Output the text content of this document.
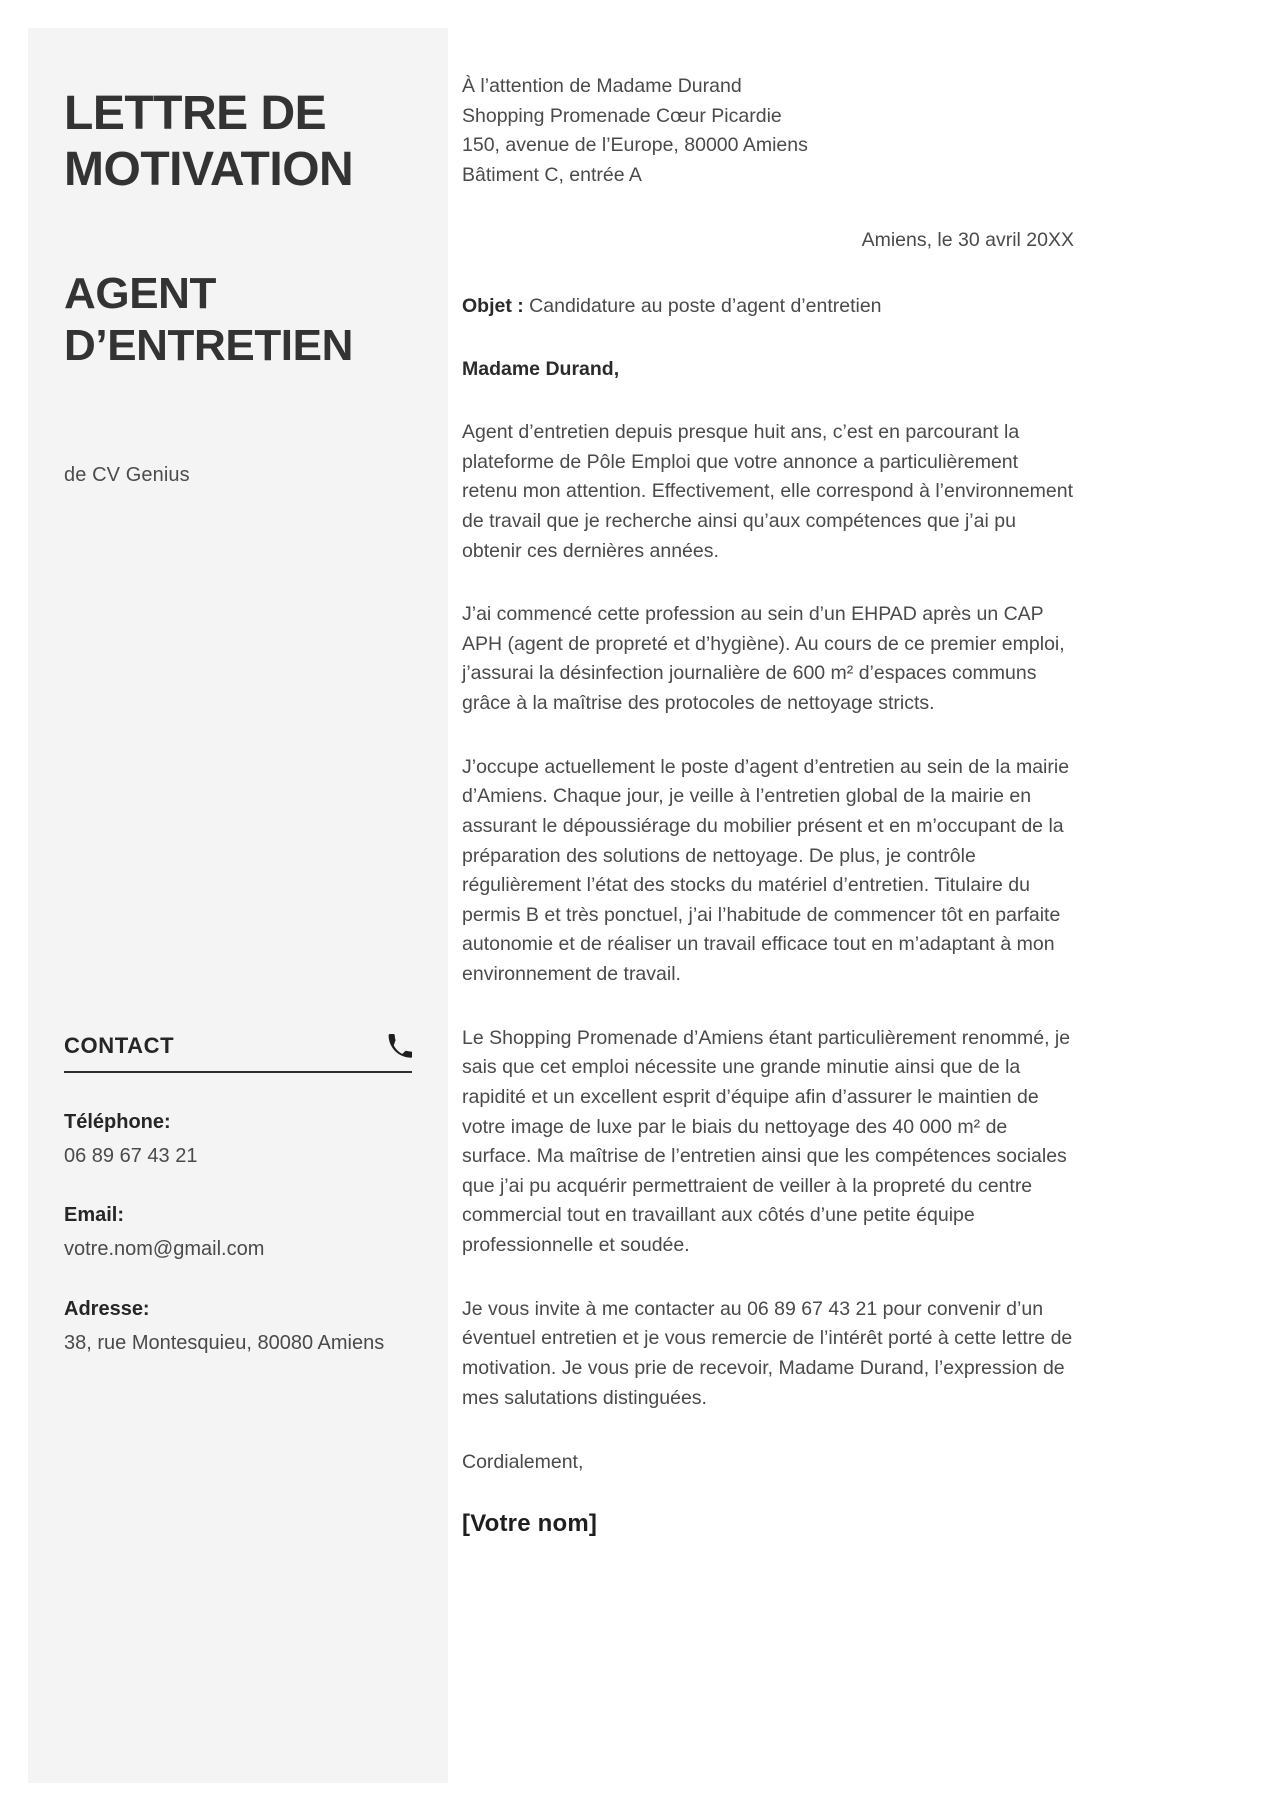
LETTRE DE MOTIVATION
AGENT D’ENTRETIEN
de CV Genius
CONTACT
Téléphone:
06 89 67 43 21
Email:
votre.nom@gmail.com
Adresse:
38, rue Montesquieu, 80080 Amiens
À l’attention de Madame Durand
Shopping Promenade Cœur Picardie
150, avenue de l’Europe, 80000 Amiens
Bâtiment C, entrée A
Amiens, le 30 avril 20XX

Objet : Candidature au poste d’agent d’entretien

Madame Durand,

Agent d’entretien depuis presque huit ans, c’est en parcourant la plateforme de Pôle Emploi que votre annonce a particulièrement retenu mon attention. Effectivement, elle correspond à l’environnement de travail que je recherche ainsi qu’aux compétences que j’ai pu obtenir ces dernières années.

J’ai commencé cette profession au sein d’un EHPAD après un CAP APH (agent de propreté et d’hygiène). Au cours de ce premier emploi, j’assurai la désinfection journalière de 600 m² d’espaces communs grâce à la maîtrise des protocoles de nettoyage stricts.

J’occupe actuellement le poste d’agent d’entretien au sein de la mairie d’Amiens. Chaque jour, je veille à l’entretien global de la mairie en assurant le dépoussiérage du mobilier présent et en m’occupant de la préparation des solutions de nettoyage. De plus, je contrôle régulièrement l’état des stocks du matériel d’entretien. Titulaire du permis B et très ponctuel, j’ai l’habitude de commencer tôt en parfaite autonomie et de réaliser un travail efficace tout en m’adaptant à mon environnement de travail.

Le Shopping Promenade d’Amiens étant particulièrement renommé, je sais que cet emploi nécessite une grande minutie ainsi que de la rapidité et un excellent esprit d’équipe afin d’assurer le maintien de votre image de luxe par le biais du nettoyage des 40 000 m² de surface. Ma maîtrise de l’entretien ainsi que les compétences sociales que j’ai pu acquérir permettraient de veiller à la propreté du centre commercial tout en travaillant aux côtés d’une petite équipe professionnelle et soudée.

Je vous invite à me contacter au 06 89 67 43 21 pour convenir d’un éventuel entretien et je vous remercie de l’intérêt porté à cette lettre de motivation. Je vous prie de recevoir, Madame Durand, l’expression de mes salutations distinguées.

Cordialement,

[Votre nom]
